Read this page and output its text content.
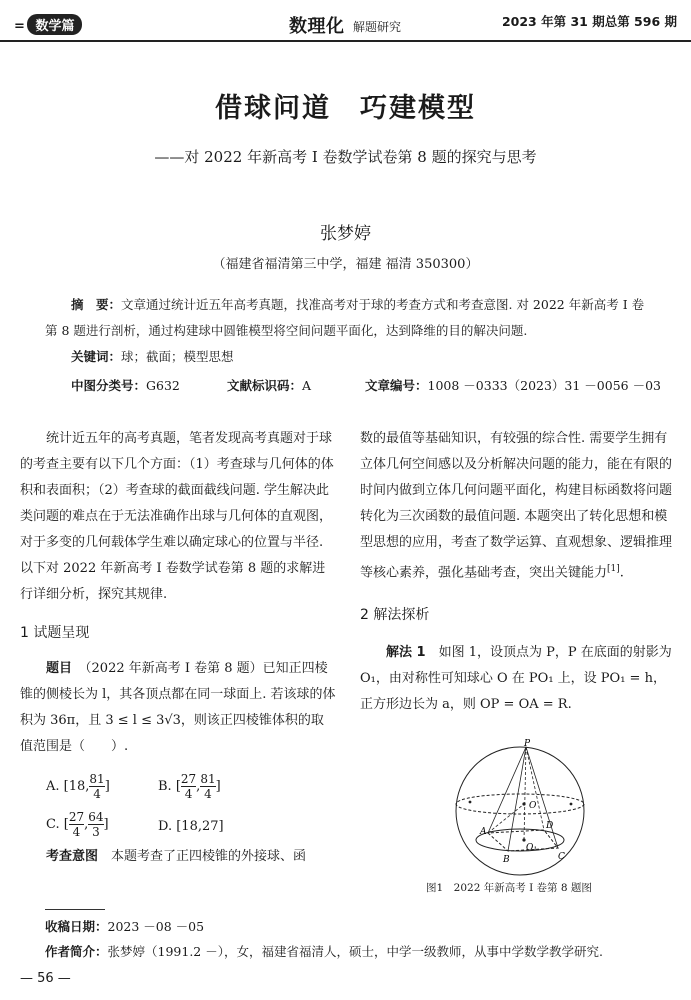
= 数学篇	数理化 解题研究	2023 年第 31 期总第 596 期
借球问道　巧建模型
——对 2022 年新高考 Ⅰ 卷数学试卷第 8 题的探究与思考
张梦婷
（福建省福清第三中学，福建 福清 350300）
摘　要：文章通过统计近五年高考真题，找准高考对于球的考查方式和考查意图. 对 2022 年新高考 Ⅰ 卷第 8 题进行剖析，通过构建球中圆锥模型将空间问题平面化，达到降维的目的解决问题.
关键词：球；截面；模型思想
中图分类号：G632	文献标识码：A	文章编号：1008 －0333（2023）31 －0056 －03

统计近五年的高考真题，笔者发现高考真题对于球的考查主要有以下几个方面：（1）考查球与几何体的体积和表面积；（2）考查球的截面截线问题. 学生解决此类问题的难点在于无法准确作出球与几何体的直观图，对于多变的几何载体学生难以确定球心的位置与半径. 以下对 2022 年新高考 Ⅰ 卷数学试卷第 8 题的求解进行详细分析，探究其规律.

1 试题呈现

题目　 （2022 年新高考 Ⅰ 卷第 8 题）已知正四棱锥的侧棱长为 l，其各顶点都在同一球面上. 若该球的体积为 36π，且 3 ≤ l ≤ 3√3，则该正四棱锥体积的取值范围是（　　）.

A. [18, $\frac{81}{4}$ ]	B. [ $\frac{27}{4}$ , $\frac{81}{4}$ ]
C. [ $\frac{27}{4}$ , $\frac{64}{3}$ ]	D. [18,27]

考查意图　 本题考查了正四棱锥的外接球、函

数的最值等基础知识，有较强的综合性. 需要学生拥有立体几何空间感以及分析解决问题的能力，能在有限的时间内做到立体几何问题平面化，构建目标函数将问题转化为三次函数的最值问题. 本题突出了转化思想和模型思想的应用，考查了数学运算、直观想象、逻辑推理等核心素养，强化基础考查，突出关键能力[1].

2 解法探析

解法 1　 如图 1，设顶点为 P，P 在底面的射影为 O₁，由对称性可知球心 O 在 PO₁ 上，设 PO₁ = h，正方形边长为 a，则 OP = OA = R.

P
O
O₁
A
B	C
D
图1　2022 年新高考 Ⅰ 卷第 8 题图
收稿日期：2023 －08 －05
作者简介：张梦婷（1991.2 －），女，福建省福清人，硕士，中学一级教师，从事中学数学教学研究.
— 56 —
